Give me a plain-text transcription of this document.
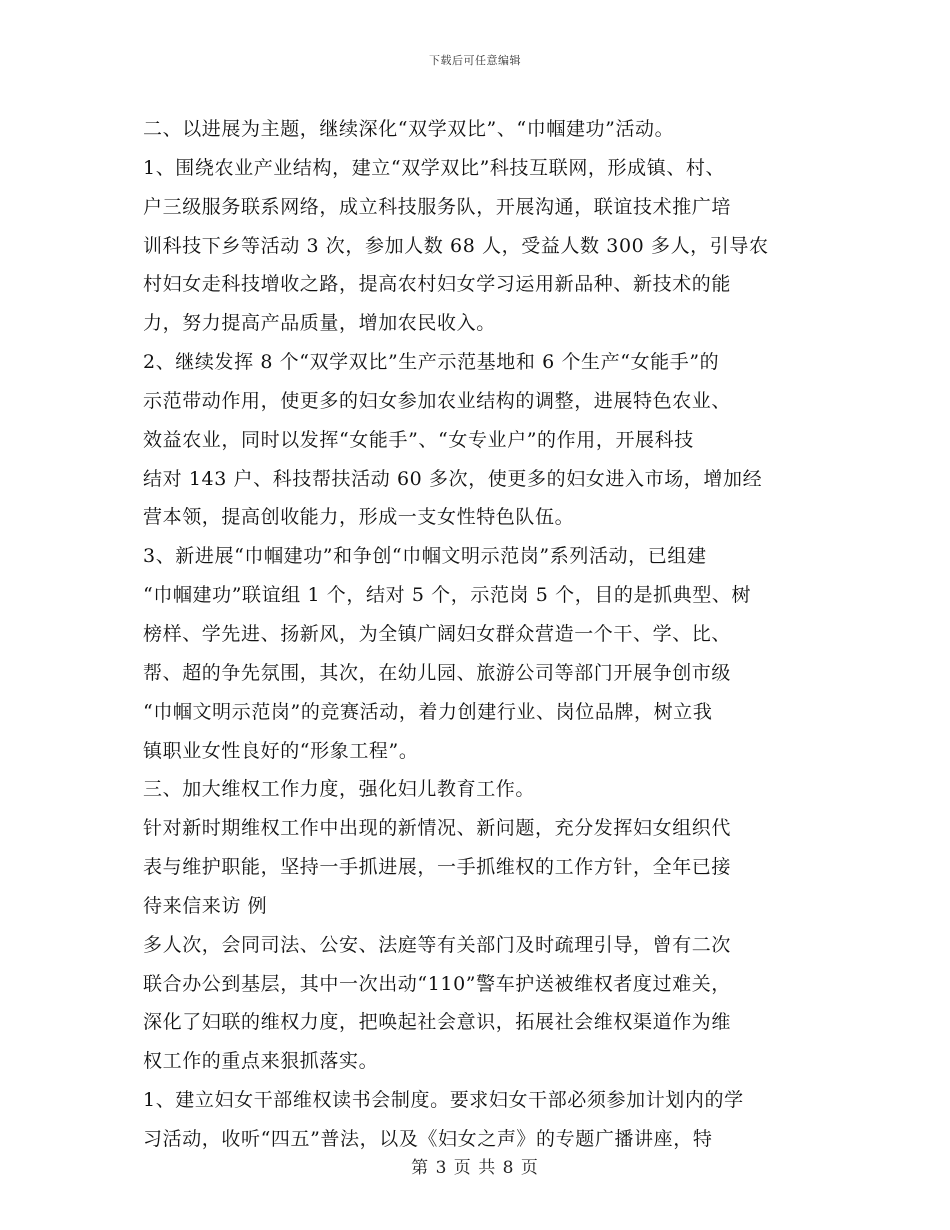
下载后可任意编辑
二、以进展为主题，继续深化“双学双比”、“巾帼建功”活动。
1、围绕农业产业结构，建立“双学双比”科技互联网，形成镇、村、
户三级服务联系网络，成立科技服务队，开展沟通，联谊技术推广培
训科技下乡等活动 3 次，参加人数 68 人，受益人数 300 多人，引导农
村妇女走科技增收之路，提高农村妇女学习运用新品种、新技术的能
力，努力提高产品质量，增加农民收入。
2、继续发挥 8 个“双学双比”生产示范基地和 6 个生产“女能手”的
示范带动作用，使更多的妇女参加农业结构的调整，进展特色农业、
效益农业，同时以发挥“女能手”、“女专业户”的作用，开展科技
结对 143 户、科技帮扶活动 60 多次，使更多的妇女进入市场，增加经
营本领，提高创收能力，形成一支女性特色队伍。
3、新进展“巾帼建功”和争创“巾帼文明示范岗”系列活动，已组建
“巾帼建功”联谊组 1 个，结对 5 个，示范岗 5 个，目的是抓典型、树
榜样、学先进、扬新风，为全镇广阔妇女群众营造一个干、学、比、
帮、超的争先氛围，其次，在幼儿园、旅游公司等部门开展争创市级
“巾帼文明示范岗”的竞赛活动，着力创建行业、岗位品牌，树立我
镇职业女性良好的“形象工程”。
三、加大维权工作力度，强化妇儿教育工作。
针对新时期维权工作中出现的新情况、新问题，充分发挥妇女组织代
表与维护职能，坚持一手抓进展，一手抓维权的工作方针，全年已接
待来信来访 例
多人次，会同司法、公安、法庭等有关部门及时疏理引导，曾有二次
联合办公到基层，其中一次出动“110”警车护送被维权者度过难关，
深化了妇联的维权力度，把唤起社会意识，拓展社会维权渠道作为维
权工作的重点来狠抓落实。
1、建立妇女干部维权读书会制度。要求妇女干部必须参加计划内的学
习活动，收听“四五”普法，以及《妇女之声》的专题广播讲座，特
第 3 页 共 8 页
